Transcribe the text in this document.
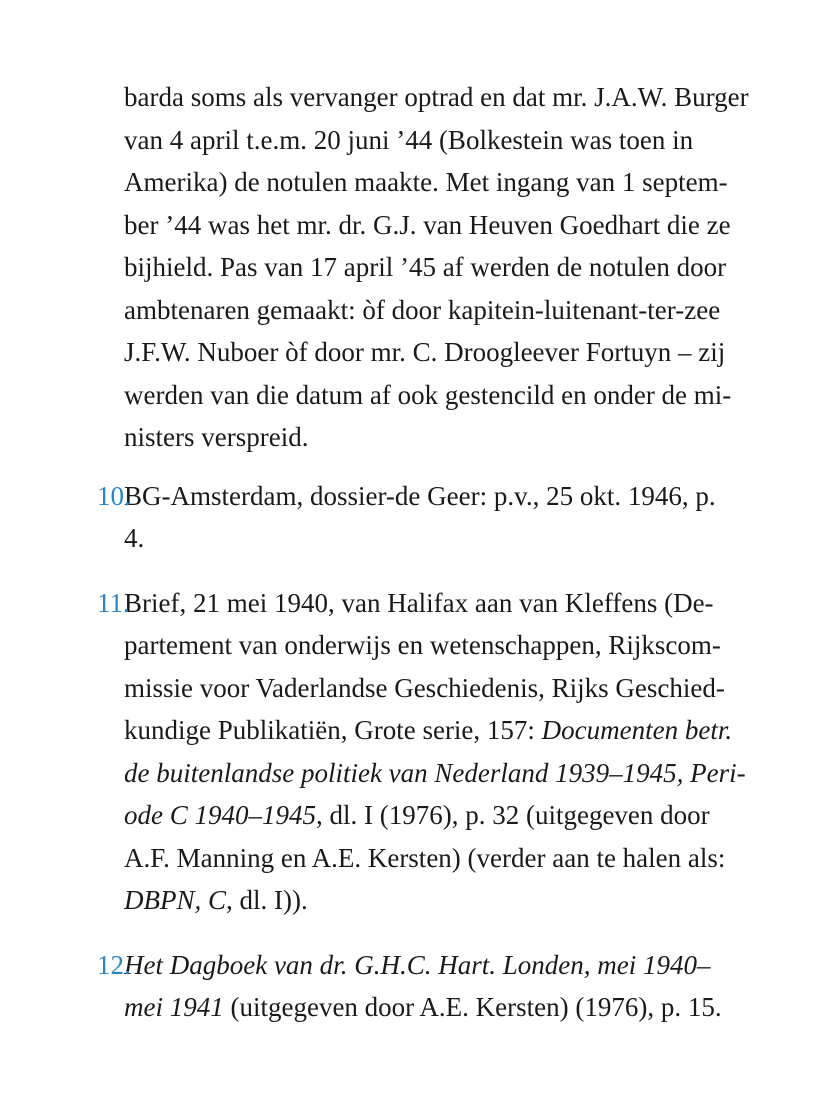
barda soms als vervanger optrad en dat mr. J.A.W. Burger
van 4 april t.e.m. 20 juni ’44 (Bolkestein was toen in
Amerika) de notulen maakte. Met ingang van 1 septem-
ber ’44 was het mr. dr. G.J. van Heuven Goedhart die ze
bijhield. Pas van 17 april ’45 af werden de notulen door
ambtenaren gemaakt: òf door kapitein-luitenant-ter-zee
J.F.W. Nuboer òf door mr. C. Droogleever Fortuyn – zij
werden van die datum af ook gestencild en onder de mi-
nisters verspreid.
10.
BG-Amsterdam, dossier-de Geer: p.v., 25 okt. 1946, p.
4.
11.
Brief, 21 mei 1940, van Halifax aan van Kleffens (De-
partement van onderwijs en wetenschappen, Rijkscom-
missie voor Vaderlandse Geschiedenis, Rijks Geschied-
kundige Publikatiën, Grote serie, 157: Documenten betr.
de buitenlandse politiek van Nederland 1939–1945, Peri-
ode C 1940–1945, dl. I (1976), p. 32 (uitgegeven door
A.F. Manning en A.E. Kersten) (verder aan te halen als:
DBPN, C, dl. I)).
12.
Het Dagboek van dr. G.H.C. Hart. Londen, mei 1940–
mei 1941 (uitgegeven door A.E. Kersten) (1976), p. 15.
